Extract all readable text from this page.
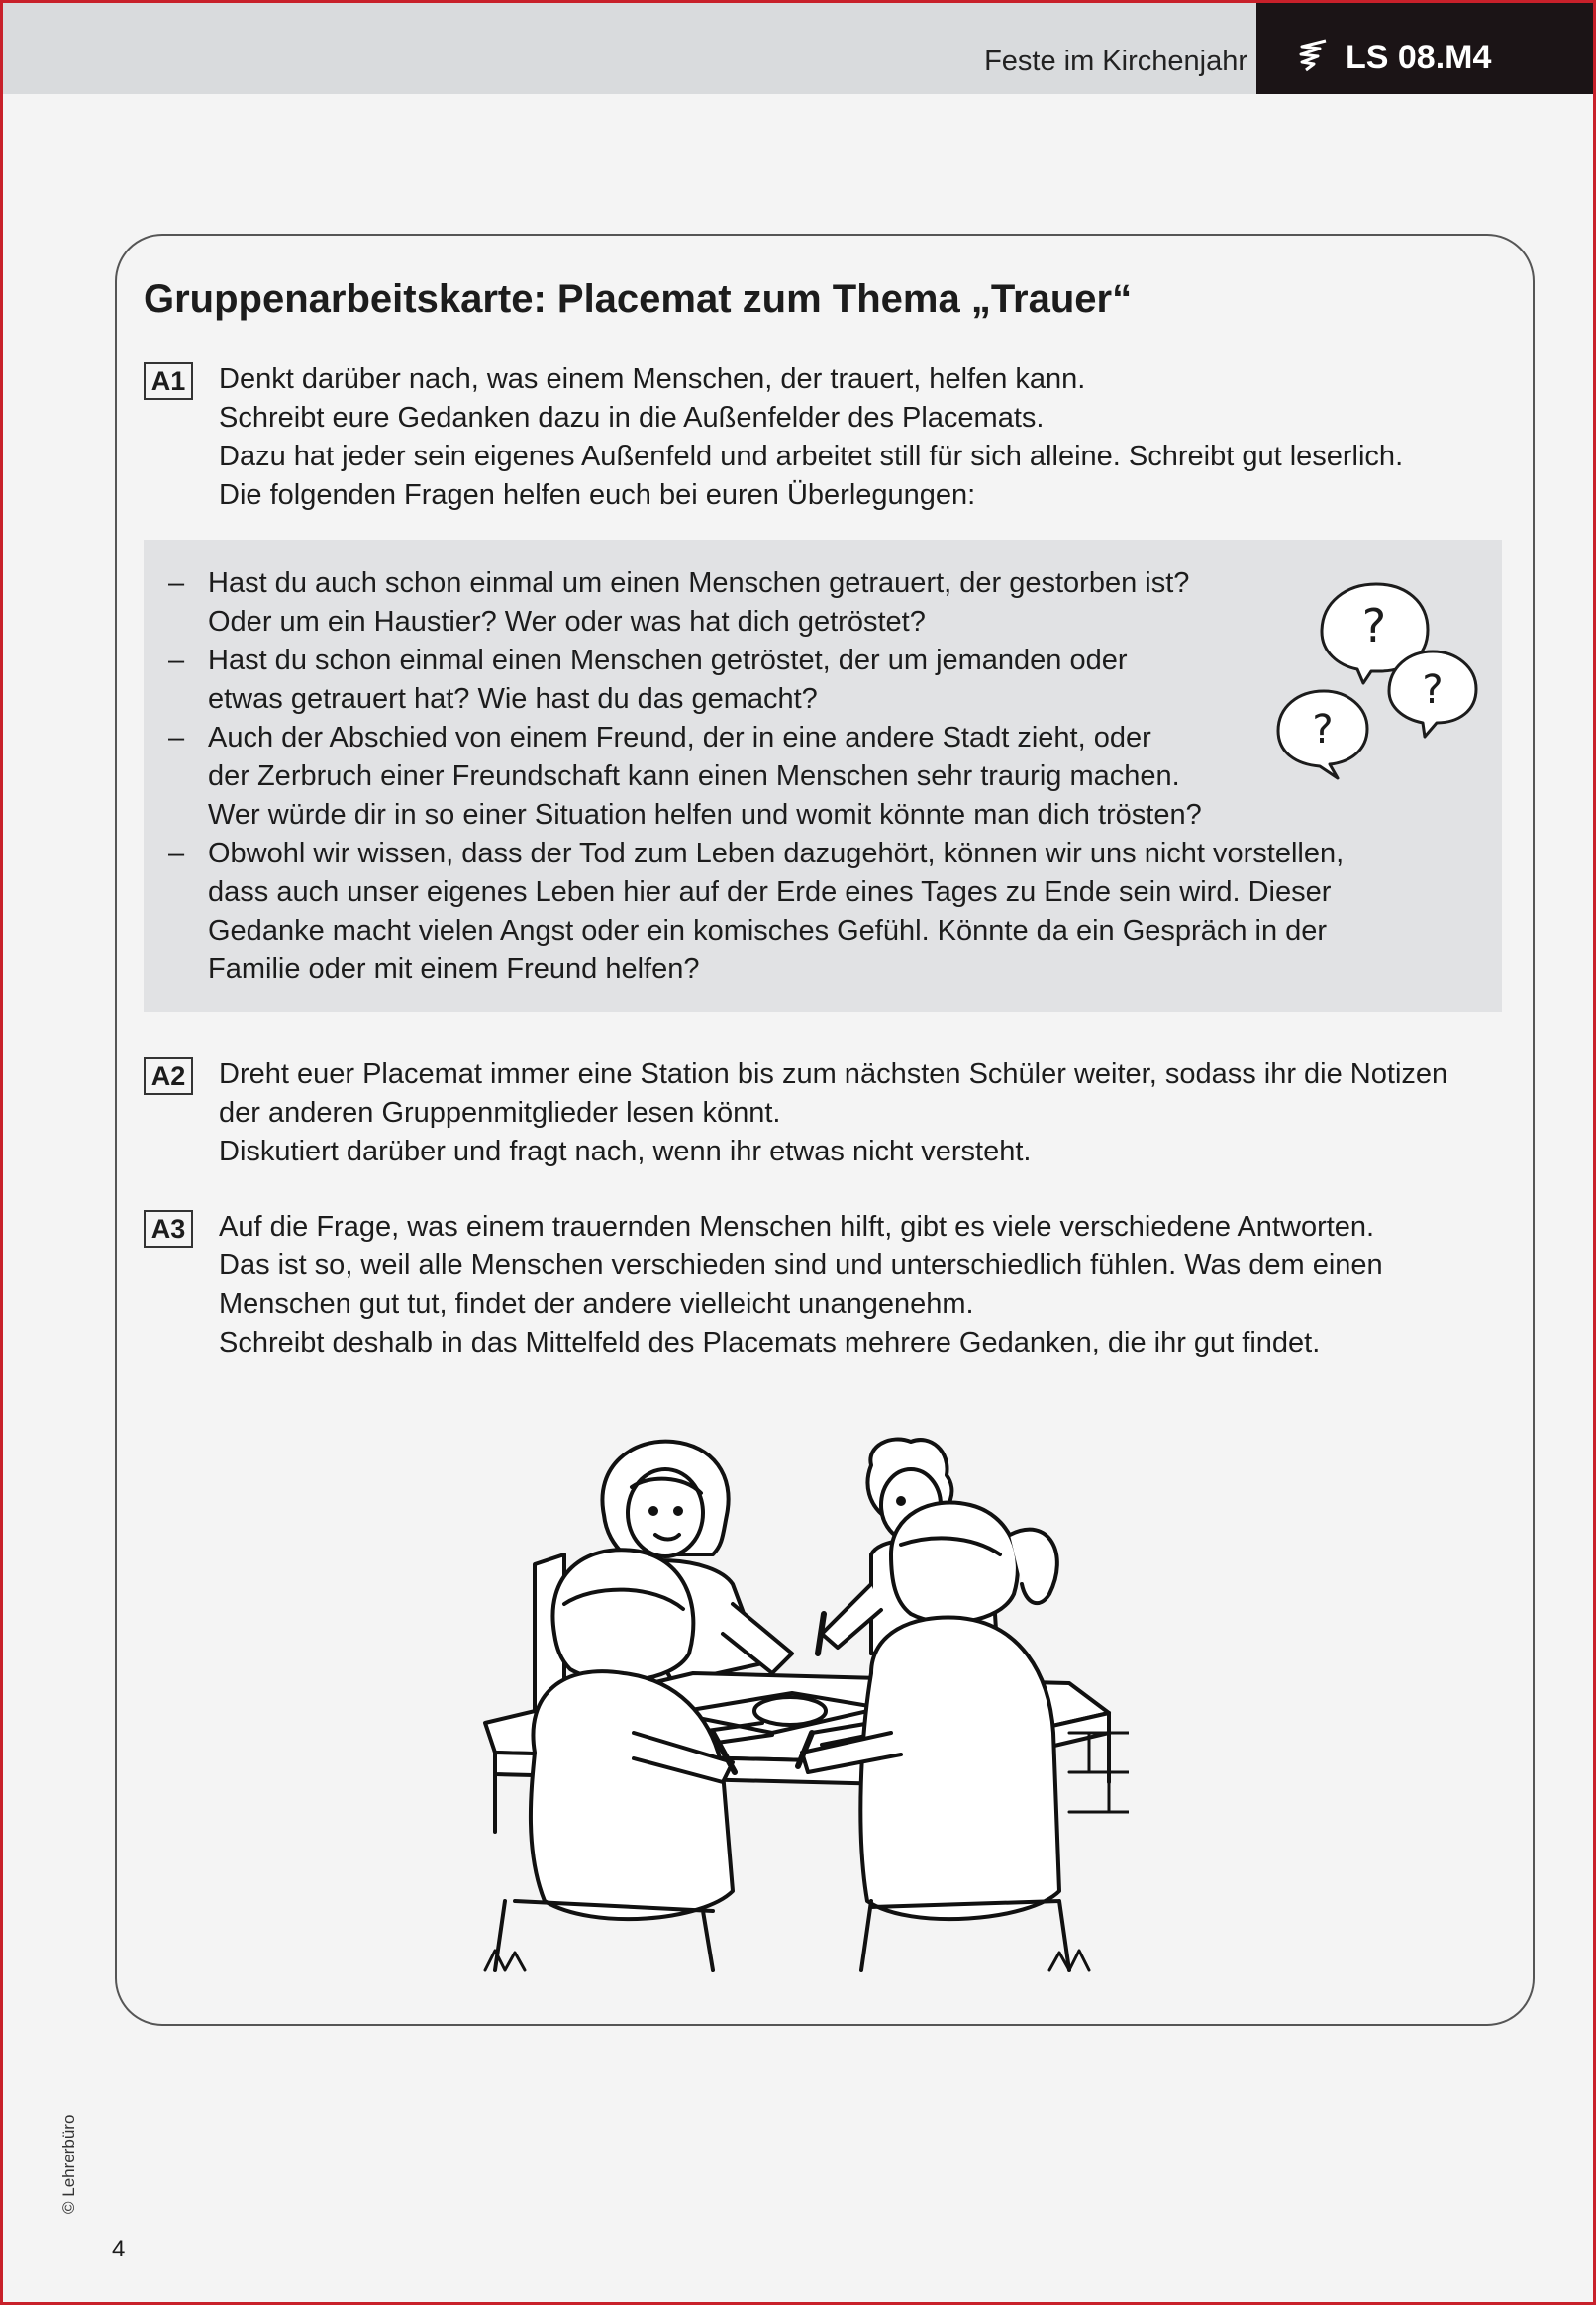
Feste im Kirchenjahr	LS 08.M4
Gruppenarbeitskarte: Placemat zum Thema „Trauer“
A1 Denkt darüber nach, was einem Menschen, der trauert, helfen kann.
Schreibt eure Gedanken dazu in die Außenfelder des Placemats.
Dazu hat jeder sein eigenes Außenfeld und arbeitet still für sich alleine. Schreibt gut leserlich.
Die folgenden Fragen helfen euch bei euren Überlegungen:
– Hast du auch schon einmal um einen Menschen getrauert, der gestorben ist?
Oder um ein Haustier? Wer oder was hat dich getröstet?
– Hast du schon einmal einen Menschen getröstet, der um jemanden oder
etwas getrauert hat? Wie hast du das gemacht?
– Auch der Abschied von einem Freund, der in eine andere Stadt zieht, oder
der Zerbruch einer Freundschaft kann einen Menschen sehr traurig machen.
Wer würde dir in so einer Situation helfen und womit könnte man dich trösten?
– Obwohl wir wissen, dass der Tod zum Leben dazugehört, können wir uns nicht vorstellen,
dass auch unser eigenes Leben hier auf der Erde eines Tages zu Ende sein wird. Dieser
Gedanke macht vielen Angst oder ein komisches Gefühl. Könnte da ein Gespräch in der
Familie oder mit einem Freund helfen?
?
?
?
A2 Dreht euer Placemat immer eine Station bis zum nächsten Schüler weiter, sodass ihr die Notizen
der anderen Gruppenmitglieder lesen könnt.
Diskutiert darüber und fragt nach, wenn ihr etwas nicht versteht.
A3 Auf die Frage, was einem trauernden Menschen hilft, gibt es viele verschiedene Antworten.
Das ist so, weil alle Menschen verschieden sind und unterschiedlich fühlen. Was dem einen
Menschen gut tut, findet der andere vielleicht unangenehm.
Schreibt deshalb in das Mittelfeld des Placemats mehrere Gedanken, die ihr gut findet.
© Lehrerbüro
4
